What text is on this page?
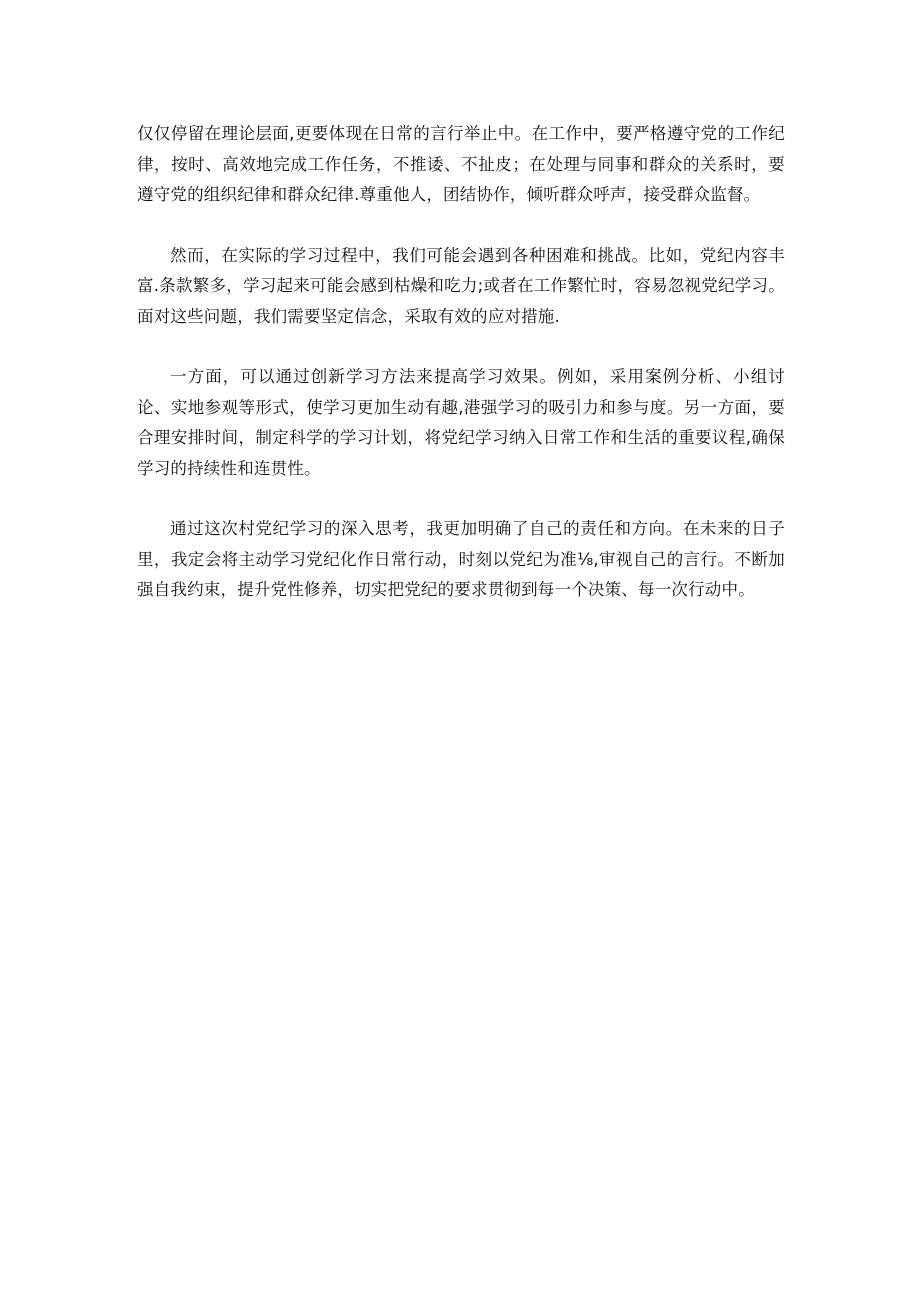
仅仅停留在理论层面,更要体现在日常的言行举止中。在工作中，要严格遵守党的工作纪律，按时、高效地完成工作任务，不推诿、不扯皮；在处理与同事和群众的关系时，要遵守党的组织纪律和群众纪律.尊重他人，团结协作，倾听群众呼声，接受群众监督。

然而，在实际的学习过程中，我们可能会遇到各种困难和挑战。比如，党纪内容丰富.条款繁多，学习起来可能会感到枯燥和吃力;或者在工作繁忙时，容易忽视党纪学习。面对这些问题，我们需要坚定信念，采取有效的应对措施.

一方面，可以通过创新学习方法来提高学习效果。例如，采用案例分析、小组讨论、实地参观等形式，使学习更加生动有趣,港强学习的吸引力和参与度。另一方面，要合理安排时间，制定科学的学习计划，将党纪学习纳入日常工作和生活的重要议程,确保学习的持续性和连贯性。

通过这次村党纪学习的深入思考，我更加明确了自己的责任和方向。在未来的日子里，我定会将主动学习党纪化作日常行动，时刻以党纪为准⅛,审视自己的言行。不断加强自我约束，提升党性修养，切实把党纪的要求贯彻到每一个决策、每一次行动中。
